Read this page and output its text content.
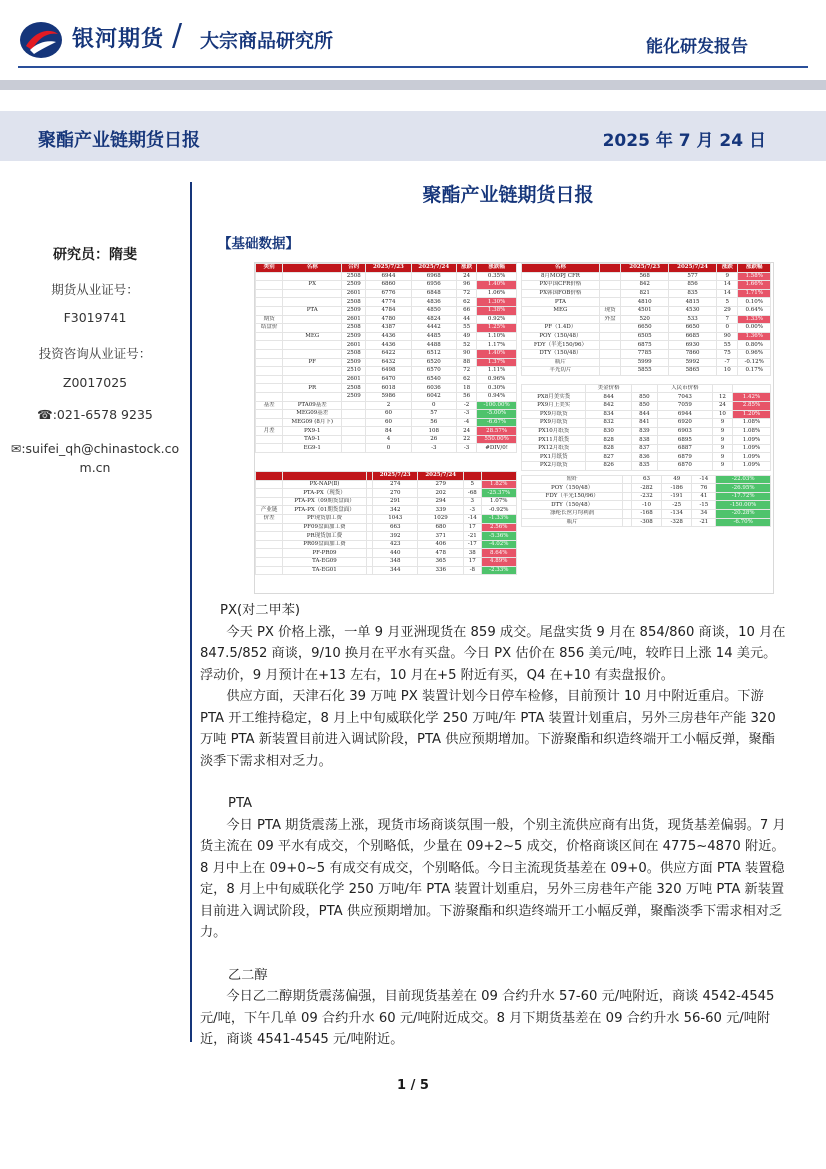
银河期货 / 大宗商品研究所	能化研发报告
聚酯产业链期货日报	2025 年 7 月 24 日
研究员：隋斐
期货从业证号：
F3019741
投资咨询从业证号：
Z0017025
☎:021-6578 9235
✉:suifei_qh@chinastock.co
m.cn
聚酯产业链期货日报
【基础数据】
类别	名称	合约	2025/7/23	2025/7/24	涨跌	涨跌幅
		2508	6944	6968	24	0.35%
	PX	2509	6860	6956	96	1.40%
		2601	6776	6848	72	1.06%
		2508	4774	4836	62	1.30%
	PTA	2509	4784	4850	66	1.38%
期货		2601	4780	4824	44	0.92%
结盘价		2508	4387	4442	55	1.25%
	MEG	2509	4436	4485	49	1.10%
		2601	4436	4488	52	1.17%
		2508	6422	6512	90	1.40%
	PF	2509	6432	6520	88	1.37%
		2510	6498	6570	72	1.11%
		2601	6470	6540	62	0.96%
	PR	2508	6018	6036	18	0.30%
		2509	5986	6042	56	0.94%
基差	PTA09基差		2	0	-2	-100.00%
	MEG09基差		60	57	-3	-5.00%
	MEG09 (8月下)		60	56	-4	-6.67%
月差	PX9-1		84	108	24	28.57%
	TA9-1		4	26	22	550.00%
	EG9-1		0	-3	-3	#DIV/0!
			2025/7/23	2025/7/24		
	PX-NAP(Ⅱ)		274	279	5	1.82%
	PTA-PX（现货）		270	202	-68	-25.37%
	PTA-PX（09期货盘面）		291	294	3	1.07%
产业链	PTA-PX（01期货盘面）		342	339	-3	-0.92%
价差	PF现货加工费		1043	1029	-14	-1.33%
	PF09盘面加工费		663	680	17	2.56%
	PR现货加工费		392	371	-21	-5.36%
	PR09盘面加工费		423	406	-17	-4.02%
	PF-PR09		440	478	38	8.64%
	TA-EG09		348	365	17	4.89%
	TA-EG01		344	336	-8	-2.33%
名称		2025/7/23	2025/7/24	涨跌	涨跌幅
8月MOPJ CFR		568	577	9	1.58%
PX中国CFR价格		842	856	14	1.66%
PX韩国FOB价格		821	835	14	1.71%
PTA		4810	4815	5	0.10%
MEG	现货	4501	4530	29	0.64%
	外盘	520	533	7	1.33%
PF（1.4D）		6650	6650	0	0.00%
POY（150/48）		6505	6685	90	1.36%
FDY（半光150/96）		6875	6930	55	0.80%
DTY（150/48）		7785	7860	75	0.96%
瓶片		5999	5992	-7	-0.12%
半光切片		5855	5865	10	0.17%
	美金价格		人民币价格		
PX8月美实货	844	850	7043	12	1.42%
PX9月上美实	842	850	7059	24	2.85%
PX9月纸货	834	844	6944	10	1.20%
PX9月纸货	832	841	6920	9	1.08%
PX10月纸货	830	839	6903	9	1.08%
PX11月纸货	828	838	6895	9	1.09%
PX12月纸货	828	837	6887	9	1.09%
PX1月纸货	827	836	6879	9	1.09%
PX2月纸货	826	835	6870	9	1.09%
短纤		63	49	-14	-22.03%
POY（150/48）		-282	-186	76	-26.95%
FDY（半光150/96）		-232	-191	41	-17.72%
DTY（150/48）		-10	-25	-15	-150.00%
涤纶长丝月均利润		-168	-134	34	-20.28%
瓶片		-308	-328	-21	-6.70%
PX(对二甲苯)

今天 PX 价格上涨，一单 9 月亚洲现货在 859 成交。尾盘实货 9 月在 854/860 商谈，10 月在 847.5/852 商谈，9/10 换月在平水有买盘。今日 PX 估价在 856 美元/吨，较昨日上涨 14 美元。浮动价，9 月预计在+13 左右，10 月在+5 附近有买，Q4 在+10 有卖盘报价。

供应方面，天津石化 39 万吨 PX 装置计划今日停车检修，目前预计 10 月中附近重启。下游 PTA 开工维持稳定，8 月上中旬威联化学 250 万吨/年 PTA 装置计划重启，另外三房巷年产能 320 万吨 PTA 新装置目前进入调试阶段，PTA 供应预期增加。下游聚酯和织造终端开工小幅反弹，聚酯淡季下需求相对乏力。

PTA

今日 PTA 期货震荡上涨，现货市场商谈氛围一般，个别主流供应商有出货，现货基差偏弱。7 月货主流在 09 平水有成交，个别略低，少量在 09+2~5 成交，价格商谈区间在 4775~4870 附近。8 月中上在 09+0~5 有成交有成交，个别略低。今日主流现货基差在 09+0。供应方面 PTA 装置稳定，8 月上中旬威联化学 250 万吨/年 PTA 装置计划重启，另外三房巷年产能 320 万吨 PTA 新装置目前进入调试阶段，PTA 供应预期增加。下游聚酯和织造终端开工小幅反弹，聚酯淡季下需求相对乏力。

乙二醇

今日乙二醇期货震荡偏强，目前现货基差在 09 合约升水 57-60 元/吨附近，商谈 4542-4545 元/吨，下午几单 09 合约升水 60 元/吨附近成交。8 月下期货基差在 09 合约升水 56-60 元/吨附近，商谈 4541-4545 元/吨附近。

1 / 5
